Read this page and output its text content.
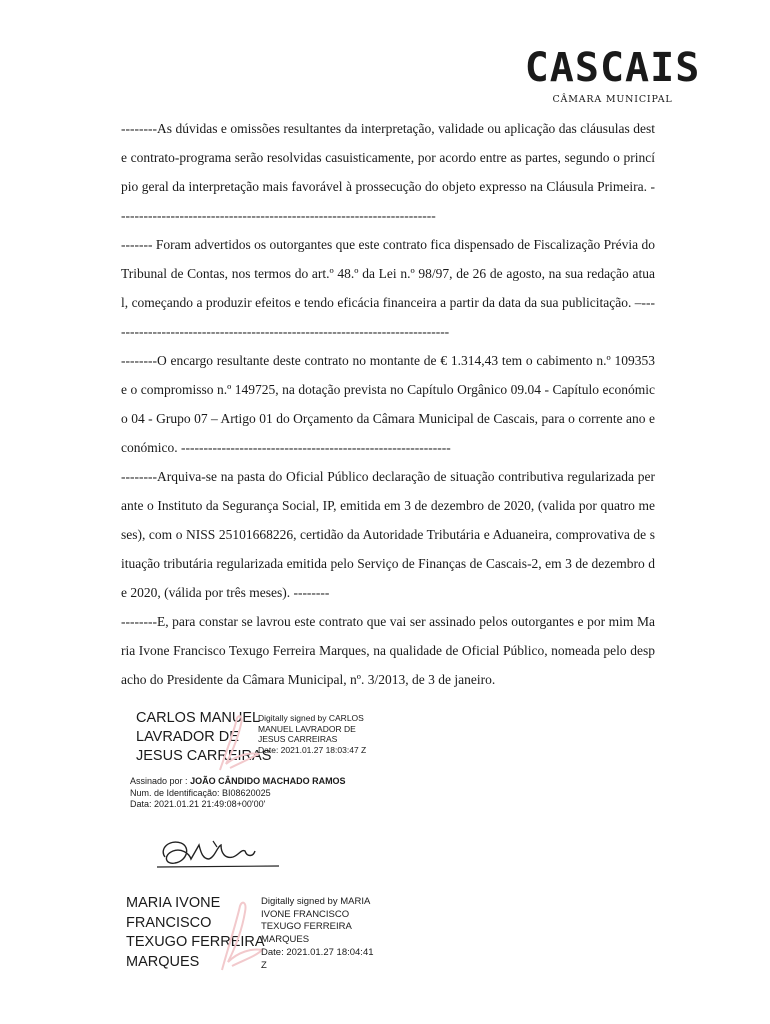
CASCAIS
CÂMARA MUNICIPAL

--------As dúvidas e omissões resultantes da interpretação, validade ou aplicação das cláusulas deste contrato-programa serão resolvidas casuisticamente, por acordo entre as partes, segundo o princípio geral da interpretação mais favorável à prossecução do objeto expresso na Cláusula Primeira. -----------------------------------------------------------------------

------- Foram advertidos os outorgantes que este contrato fica dispensado de Fiscalização Prévia do Tribunal de Contas, nos termos do art.º 48.º da Lei n.º 98/97, de 26 de agosto, na sua redação atual, começando a produzir efeitos e tendo eficácia financeira a partir da data da sua publicitação. –----------------------------------------------------------------------------

--------O encargo resultante deste contrato no montante de € 1.314,43 tem o cabimento n.º 109353 e o compromisso n.º 149725, na dotação prevista no Capítulo Orgânico 09.04 - Capítulo económico 04 - Grupo 07 – Artigo 01 do Orçamento da Câmara Municipal de Cascais, para o corrente ano económico. ------------------------------------------------------------

--------Arquiva-se na pasta do Oficial Público declaração de situação contributiva regularizada perante o Instituto da Segurança Social, IP, emitida em 3 de dezembro de 2020, (valida por quatro meses), com o NISS 25101668226, certidão da Autoridade Tributária e Aduaneira, comprovativa de situação tributária regularizada emitida pelo Serviço de Finanças de Cascais-2, em 3 de dezembro de 2020, (válida por três meses). --------

--------E, para constar se lavrou este contrato que vai ser assinado pelos outorgantes e por mim Maria Ivone Francisco Texugo Ferreira Marques, na qualidade de Oficial Público, nomeada pelo despacho do Presidente da Câmara Municipal, nº. 3/2013, de 3 de janeiro.

CARLOS MANUEL
LAVRADOR DE
JESUS CARREIRAS
Digitally signed by CARLOS
MANUEL LAVRADOR DE
JESUS CARREIRAS
Date: 2021.01.27 18:03:47 Z
Assinado por : JOÃO CÂNDIDO MACHADO RAMOS
Num. de Identificação: BI08620025
Data: 2021.01.21 21:49:08+00'00'
MARIA IVONE
FRANCISCO
TEXUGO FERREIRA
MARQUES
Digitally signed by MARIA
IVONE FRANCISCO
TEXUGO FERREIRA
MARQUES
Date: 2021.01.27 18:04:41
Z
